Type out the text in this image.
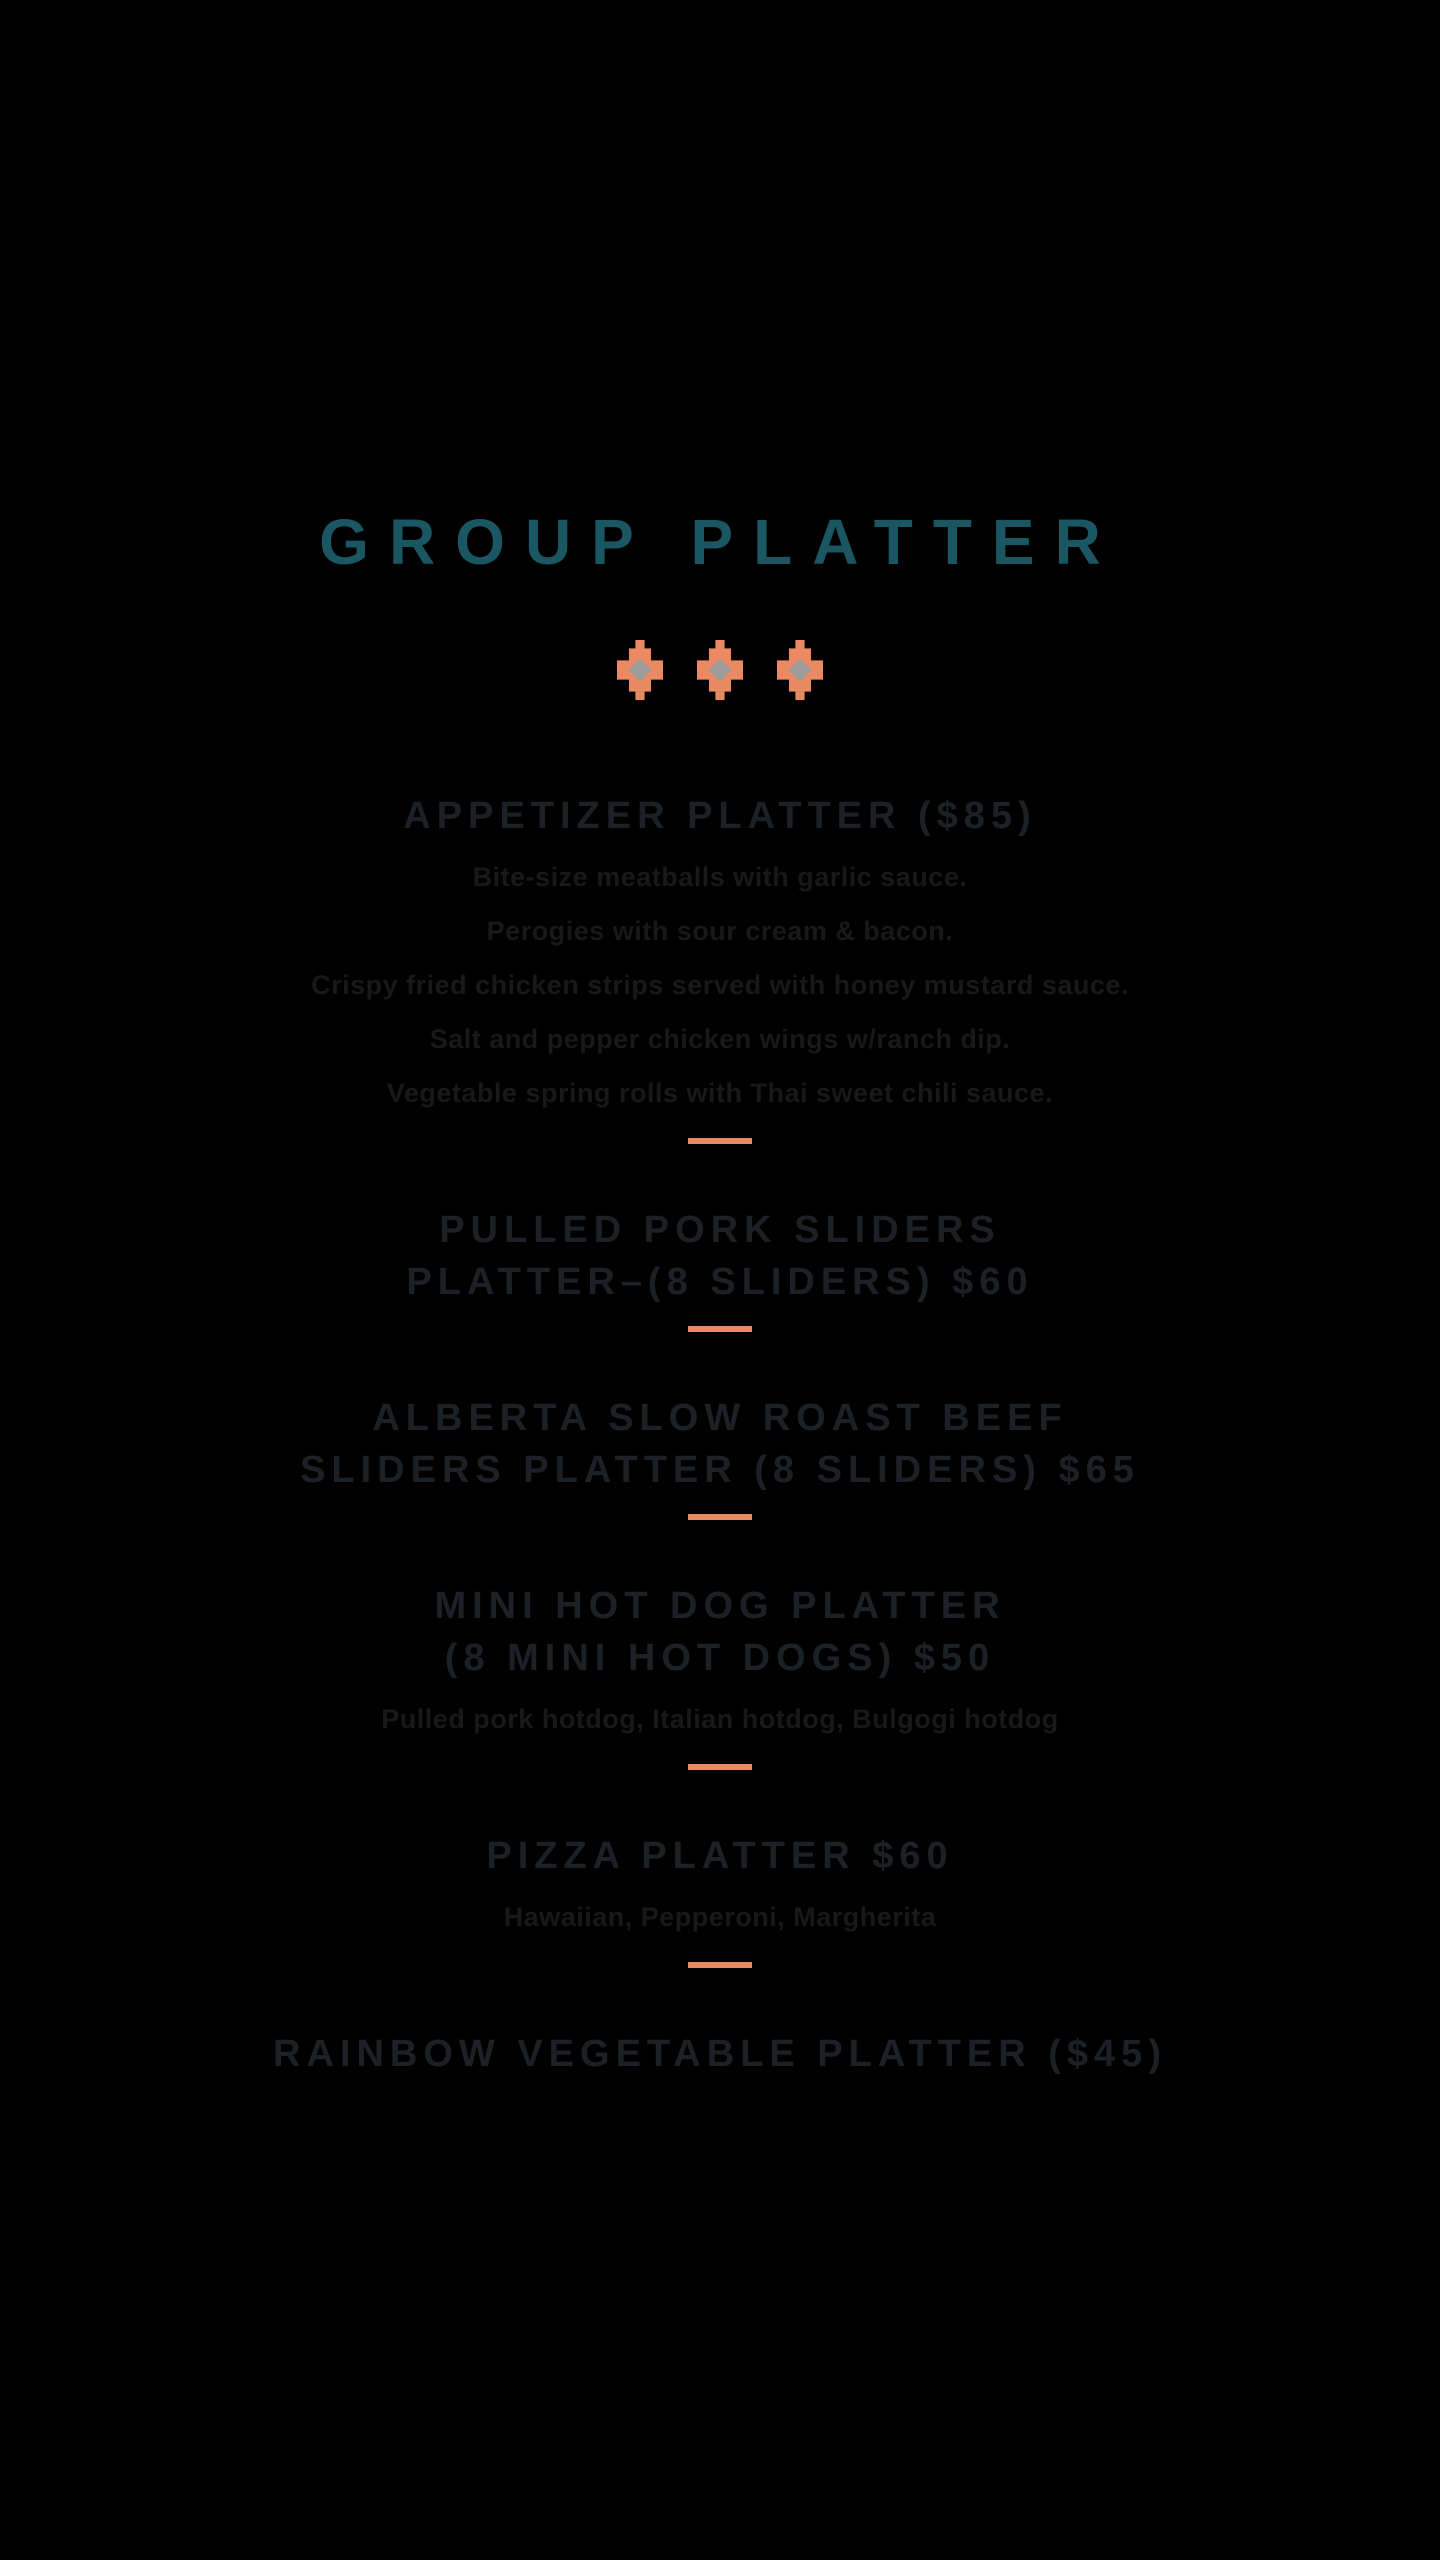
GROUP PLATTER
APPETIZER PLATTER ($85)
Bite-size meatballs with garlic sauce.
Perogies with sour cream & bacon.
Crispy fried chicken strips served with honey mustard sauce.
Salt and pepper chicken wings w/ranch dip.
Vegetable spring rolls with Thai sweet chili sauce.
PULLED PORK SLIDERS
PLATTER–(8 SLIDERS) $60
ALBERTA SLOW ROAST BEEF
SLIDERS PLATTER (8 SLIDERS) $65
MINI HOT DOG PLATTER
(8 MINI HOT DOGS) $50
Pulled pork hotdog, Italian hotdog, Bulgogi hotdog
PIZZA PLATTER $60
Hawaiian, Pepperoni, Margherita
RAINBOW VEGETABLE PLATTER ($45)
